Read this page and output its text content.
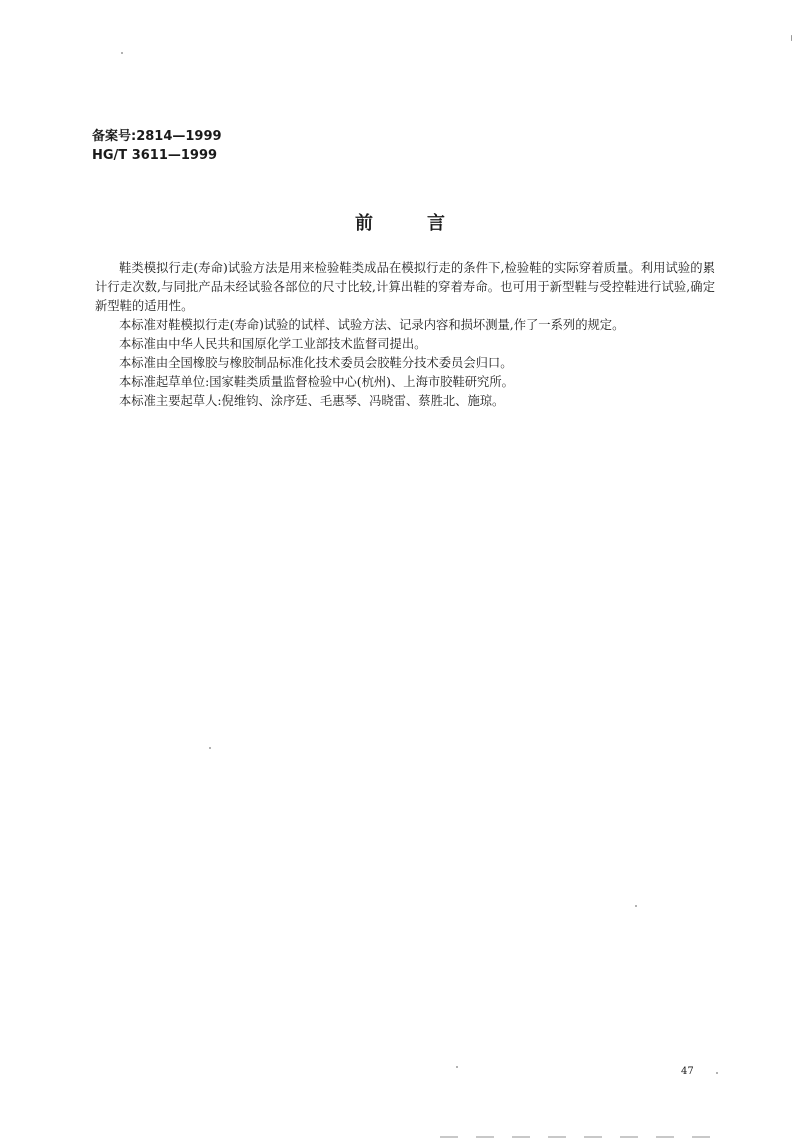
备案号:2814—1999
HG/T 3611—1999
前言

鞋类模拟行走(寿命)试验方法是用来检验鞋类成品在模拟行走的条件下,检验鞋的实际穿着质量。利用试验的累计行走次数,与同批产品未经试验各部位的尺寸比较,计算出鞋的穿着寿命。也可用于新型鞋与受控鞋进行试验,确定新型鞋的适用性。

本标准对鞋模拟行走(寿命)试验的试样、试验方法、记录内容和损坏测量,作了一系列的规定。

本标准由中华人民共和国原化学工业部技术监督司提出。

本标准由全国橡胶与橡胶制品标准化技术委员会胶鞋分技术委员会归口。

本标准起草单位:国家鞋类质量监督检验中心(杭州)、上海市胶鞋研究所。

本标准主要起草人:倪维钧、涂序廷、毛惠琴、冯晓雷、蔡胜北、施琼。

47
